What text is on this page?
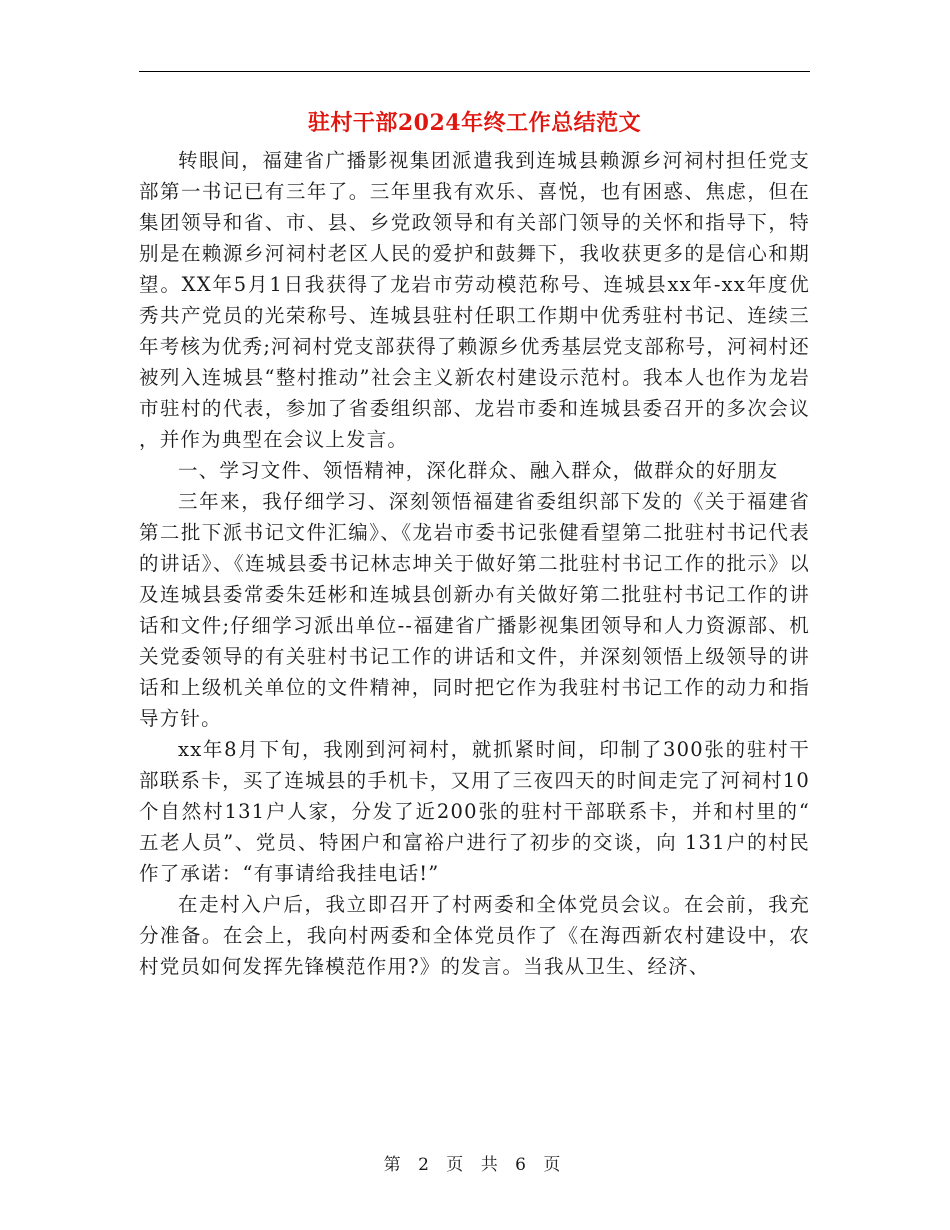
驻村干部2024年终工作总结范文

转眼间，福建省广播影视集团派遣我到连城县赖源乡河祠村担任党支部第一书记已有三年了。三年里我有欢乐、喜悦，也有困惑、焦虑，但在集团领导和省、市、县、乡党政领导和有关部门领导的关怀和指导下，特别是在赖源乡河祠村老区人民的爱护和鼓舞下，我收获更多的是信心和期望。XX年5月1日我获得了龙岩市劳动模范称号、连城县xx年-xx年度优秀共产党员的光荣称号、连城县驻村任职工作期中优秀驻村书记、连续三年考核为优秀;河祠村党支部获得了赖源乡优秀基层党支部称号，河祠村还被列入连城县“整村推动”社会主义新农村建设示范村。我本人也作为龙岩市驻村的代表，参加了省委组织部、龙岩市委和连城县委召开的多次会议，并作为典型在会议上发言。

一、学习文件、领悟精神，深化群众、融入群众，做群众的好朋友

三年来，我仔细学习、深刻领悟福建省委组织部下发的《关于福建省第二批下派书记文件汇编》、《龙岩市委书记张健看望第二批驻村书记代表的讲话》、《连城县委书记林志坤关于做好第二批驻村书记工作的批示》以及连城县委常委朱廷彬和连城县创新办有关做好第二批驻村书记工作的讲话和文件;仔细学习派出单位--福建省广播影视集团领导和人力资源部、机关党委领导的有关驻村书记工作的讲话和文件，并深刻领悟上级领导的讲话和上级机关单位的文件精神，同时把它作为我驻村书记工作的动力和指导方针。

xx年8月下旬，我刚到河祠村，就抓紧时间，印制了300张的驻村干部联系卡，买了连城县的手机卡，又用了三夜四天的时间走完了河祠村10个自然村131户人家，分发了近200张的驻村干部联系卡，并和村里的“五老人员”、党员、特困户和富裕户进行了初步的交谈，向 131户的村民作了承诺：“有事请给我挂电话!”

在走村入户后，我立即召开了村两委和全体党员会议。在会前，我充分准备。在会上，我向村两委和全体党员作了《在海西新农村建设中，农村党员如何发挥先锋模范作用?》的发言。当我从卫生、经济、

第 2 页 共 6 页
